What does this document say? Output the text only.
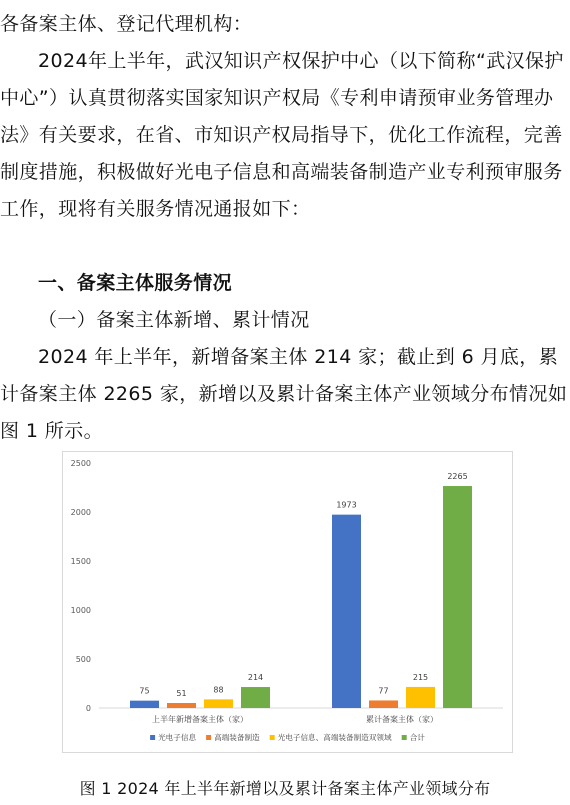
各备案主体、登记代理机构：

2024年上半年，武汉知识产权保护中心（以下简称“武汉保护中心”）认真贯彻落实国家知识产权局《专利申请预审业务管理办法》有关要求，在省、市知识产权局指导下，优化工作流程，完善制度措施，积极做好光电子信息和高端装备制造产业专利预审服务工作，现将有关服务情况通报如下：

一、备案主体服务情况

（一）备案主体新增、累计情况

2024 年上半年，新增备案主体 214 家；截止到 6 月底，累计备案主体 2265 家，新增以及累计备案主体产业领域分布情况如图 1 所示。

0
500
1000
1500
2000
2500
75	51	88
214
上半年新增备案主体（家）
1973
77
215
2265
累计备案主体（家）
光电子信息 高端装备制造 光电子信息、高端装备制造双领域 合计
图 1 2024 年上半年新增以及累计备案主体产业领域分布
